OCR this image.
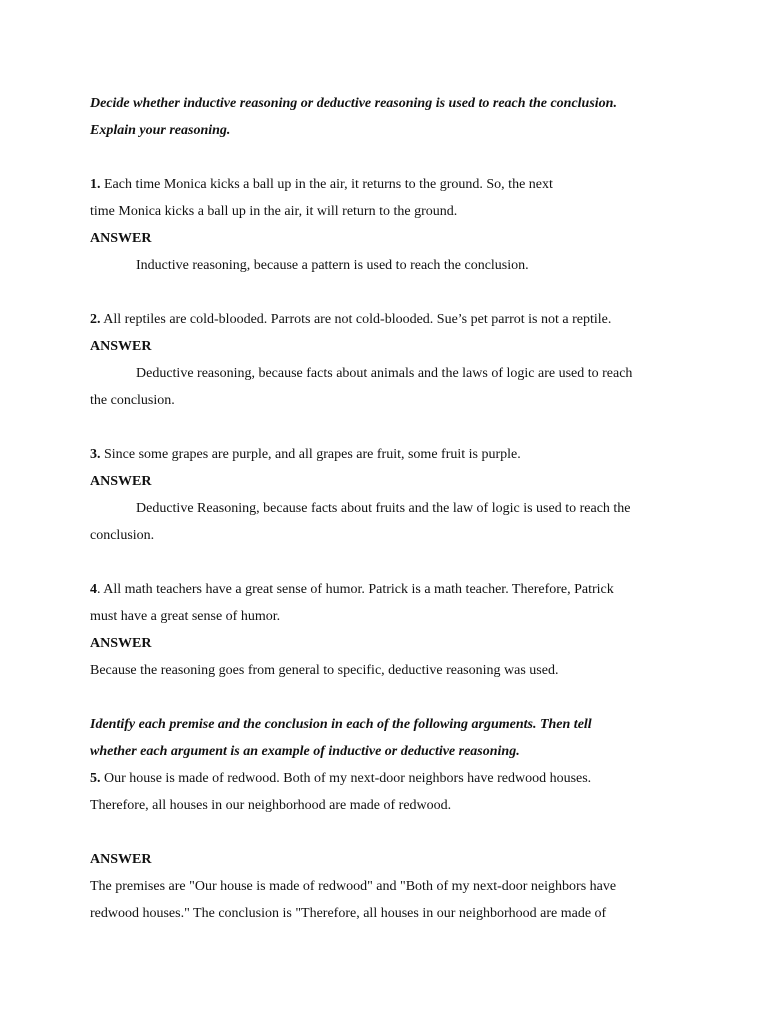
Decide whether inductive reasoning or deductive reasoning is used to reach the conclusion.
Explain your reasoning.
1. Each time Monica kicks a ball up in the air, it returns to the ground. So, the next
time Monica kicks a ball up in the air, it will return to the ground.
ANSWER
Inductive reasoning, because a pattern is used to reach the conclusion.
2. All reptiles are cold-blooded. Parrots are not cold-blooded. Sue’s pet parrot is not a reptile.
ANSWER
Deductive reasoning, because facts about animals and the laws of logic are used to reach
the conclusion.
3. Since some grapes are purple, and all grapes are fruit, some fruit is purple.
ANSWER
Deductive Reasoning, because facts about fruits and the law of logic is used to reach the
conclusion.
4. All math teachers have a great sense of humor. Patrick is a math teacher. Therefore, Patrick
must have a great sense of humor.
ANSWER
Because the reasoning goes from general to specific, deductive reasoning was used.
Identify each premise and the conclusion in each of the following arguments. Then tell
whether each argument is an example of inductive or deductive reasoning.
5. Our house is made of redwood. Both of my next-door neighbors have redwood houses.
Therefore, all houses in our neighborhood are made of redwood.
ANSWER
The premises are "Our house is made of redwood" and "Both of my next-door neighbors have
redwood houses." The conclusion is "Therefore, all houses in our neighborhood are made of
